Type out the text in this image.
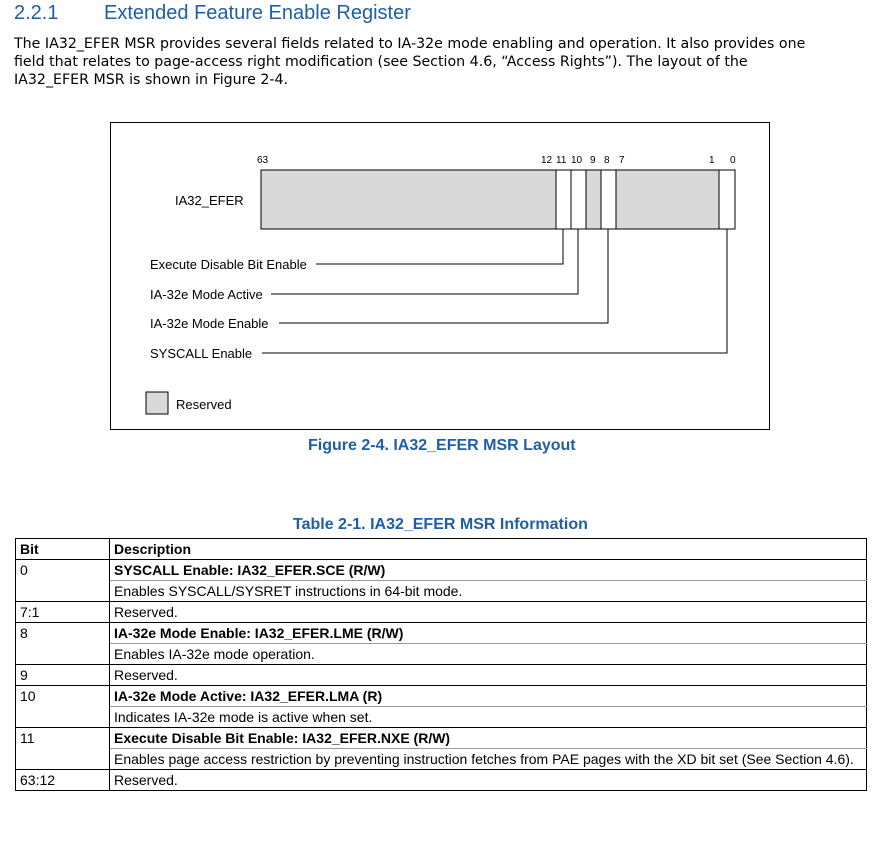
2.2.1 Extended Feature Enable Register
The IA32_EFER MSR provides several fields related to IA-32e mode enabling and operation. It also provides one
field that relates to page-access right modification (see Section 4.6, “Access Rights”). The layout of the
IA32_EFER MSR is shown in Figure 2-4.
63	12 11 10 9 8 7	1 0
IA32_EFER
Execute Disable Bit Enable
IA-32e Mode Active
IA-32e Mode Enable
SYSCALL Enable
Reserved
Figure 2-4. IA32_EFER MSR Layout
Table 2-1. IA32_EFER MSR Information
Bit	Description
0	SYSCALL Enable: IA32_EFER.SCE (R/W)
	Enables SYSCALL/SYSRET instructions in 64-bit mode.
7:1	Reserved.
8	IA-32e Mode Enable: IA32_EFER.LME (R/W)
	Enables IA-32e mode operation.
9	Reserved.
10	IA-32e Mode Active: IA32_EFER.LMA (R)
	Indicates IA-32e mode is active when set.
11	Execute Disable Bit Enable: IA32_EFER.NXE (R/W)
	Enables page access restriction by preventing instruction fetches from PAE pages with the XD bit set (See Section 4.6).
63:12	Reserved.
